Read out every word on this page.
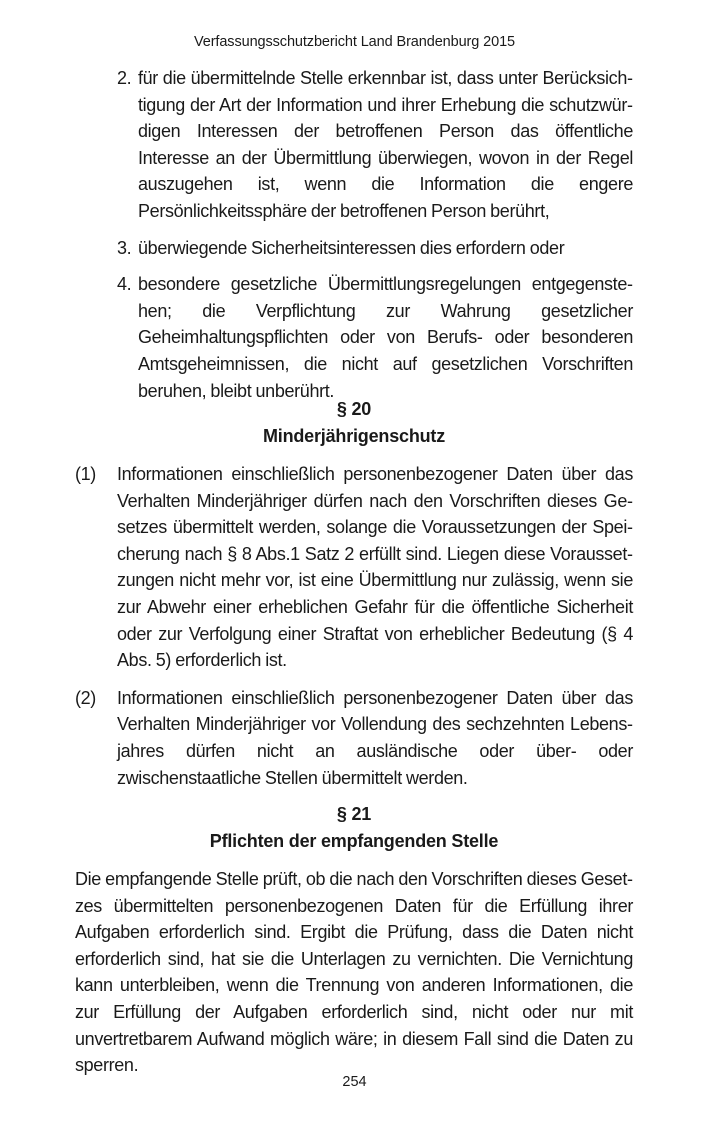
Verfassungsschutzbericht Land Brandenburg 2015
2. für die übermittelnde Stelle erkennbar ist, dass unter Berücksichtigung der Art der Information und ihrer Erhebung die schutzwürdigen Interessen der betroffenen Person das öffentliche Interesse an der Übermittlung überwiegen, wovon in der Regel auszugehen ist, wenn die Information die engere Persönlichkeitssphäre der betroffenen Person berührt,
3. überwiegende Sicherheitsinteressen dies erfordern oder
4. besondere gesetzliche Übermittlungsregelungen entgegenstehen; die Verpflichtung zur Wahrung gesetzlicher Geheimhaltungspflichten oder von Berufs- oder besonderen Amtsgeheimnissen, die nicht auf gesetzlichen Vorschriften beruhen, bleibt unberührt.
§ 20
Minderjährigenschutz
(1) Informationen einschließlich personenbezogener Daten über das Verhalten Minderjähriger dürfen nach den Vorschriften dieses Gesetzes übermittelt werden, solange die Voraussetzungen der Speicherung nach § 8 Abs.1 Satz 2 erfüllt sind. Liegen diese Voraussetzungen nicht mehr vor, ist eine Übermittlung nur zulässig, wenn sie zur Abwehr einer erheblichen Gefahr für die öffentliche Sicherheit oder zur Verfolgung einer Straftat von erheblicher Bedeutung (§ 4 Abs. 5) erforderlich ist.
(2) Informationen einschließlich personenbezogener Daten über das Verhalten Minderjähriger vor Vollendung des sechzehnten Lebensjahres dürfen nicht an ausländische oder über- oder zwischenstaatliche Stellen übermittelt werden.
§ 21
Pflichten der empfangenden Stelle
Die empfangende Stelle prüft, ob die nach den Vorschriften dieses Gesetzes übermittelten personenbezogenen Daten für die Erfüllung ihrer Aufgaben erforderlich sind. Ergibt die Prüfung, dass die Daten nicht erforderlich sind, hat sie die Unterlagen zu vernichten. Die Vernichtung kann unterbleiben, wenn die Trennung von anderen Informationen, die zur Erfüllung der Aufgaben erforderlich sind, nicht oder nur mit unvertretbarem Aufwand möglich wäre; in diesem Fall sind die Daten zu sperren.
254
